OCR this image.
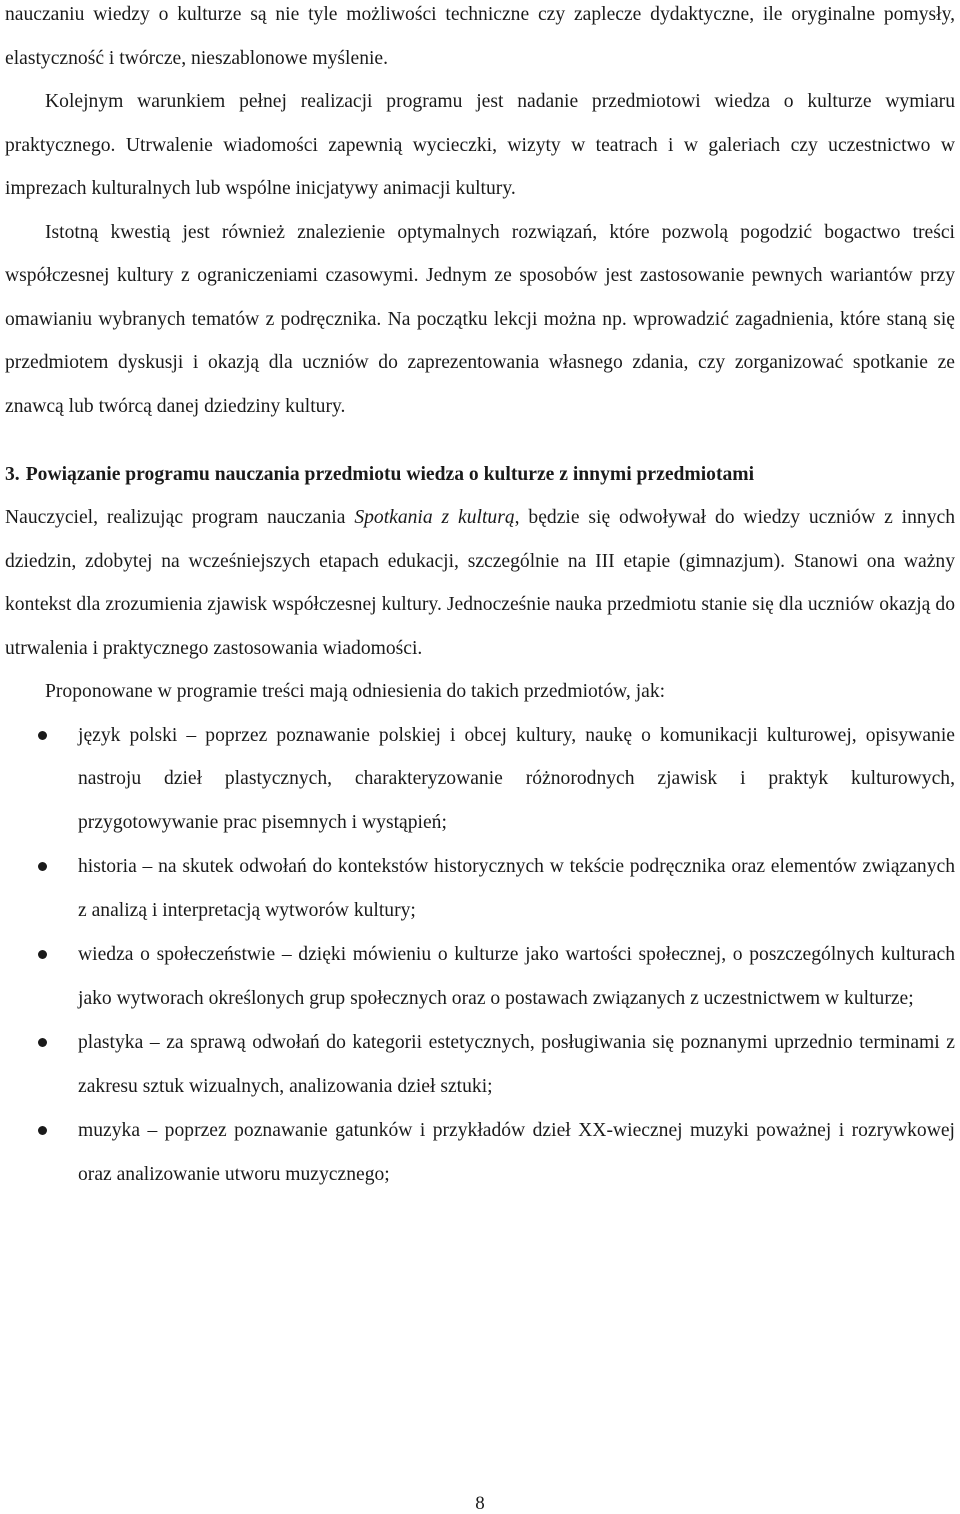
nauczaniu wiedzy o kulturze są nie tyle możliwości techniczne czy zaplecze dydaktyczne, ile oryginalne pomysły, elastyczność i twórcze, nieszablonowe myślenie.

Kolejnym warunkiem pełnej realizacji programu jest nadanie przedmiotowi wiedza o kulturze wymiaru praktycznego. Utrwalenie wiadomości zapewnią wycieczki, wizyty w teatrach i w galeriach czy uczestnictwo w imprezach kulturalnych lub wspólne inicjatywy animacji kultury.

Istotną kwestią jest również znalezienie optymalnych rozwiązań, które pozwolą pogodzić bogactwo treści współczesnej kultury z ograniczeniami czasowymi. Jednym ze sposobów jest zastosowanie pewnych wariantów przy omawianiu wybranych tematów z podręcznika. Na początku lekcji można np. wprowadzić zagadnienia, które staną się przedmiotem dyskusji i okazją dla uczniów do zaprezentowania własnego zdania, czy zorganizować spotkanie ze znawcą lub twórcą danej dziedziny kultury.

3. Powiązanie programu nauczania przedmiotu wiedza o kulturze z innymi przedmiotami

Nauczyciel, realizując program nauczania Spotkania z kulturą, będzie się odwoływał do wiedzy uczniów z innych dziedzin, zdobytej na wcześniejszych etapach edukacji, szczególnie na III etapie (gimnazjum). Stanowi ona ważny kontekst dla zrozumienia zjawisk współczesnej kultury. Jednocześnie nauka przedmiotu stanie się dla uczniów okazją do utrwalenia i praktycznego zastosowania wiadomości.

Proponowane w programie treści mają odniesienia do takich przedmiotów, jak:

język polski – poprzez poznawanie polskiej i obcej kultury, naukę o komunikacji kulturowej, opisywanie nastroju dzieł plastycznych, charakteryzowanie różnorodnych zjawisk i praktyk kulturowych, przygotowywanie prac pisemnych i wystąpień;
historia – na skutek odwołań do kontekstów historycznych w tekście podręcznika oraz elementów związanych z analizą i interpretacją wytworów kultury;
wiedza o społeczeństwie – dzięki mówieniu o kulturze jako wartości społecznej, o poszczególnych kulturach jako wytworach określonych grup społecznych oraz o postawach związanych z uczestnictwem w kulturze;
plastyka – za sprawą odwołań do kategorii estetycznych, posługiwania się poznanymi uprzednio terminami z zakresu sztuk wizualnych, analizowania dzieł sztuki;
muzyka – poprzez poznawanie gatunków i przykładów dzieł XX-wiecznej muzyki poważnej i rozrywkowej oraz analizowanie utworu muzycznego;
8
